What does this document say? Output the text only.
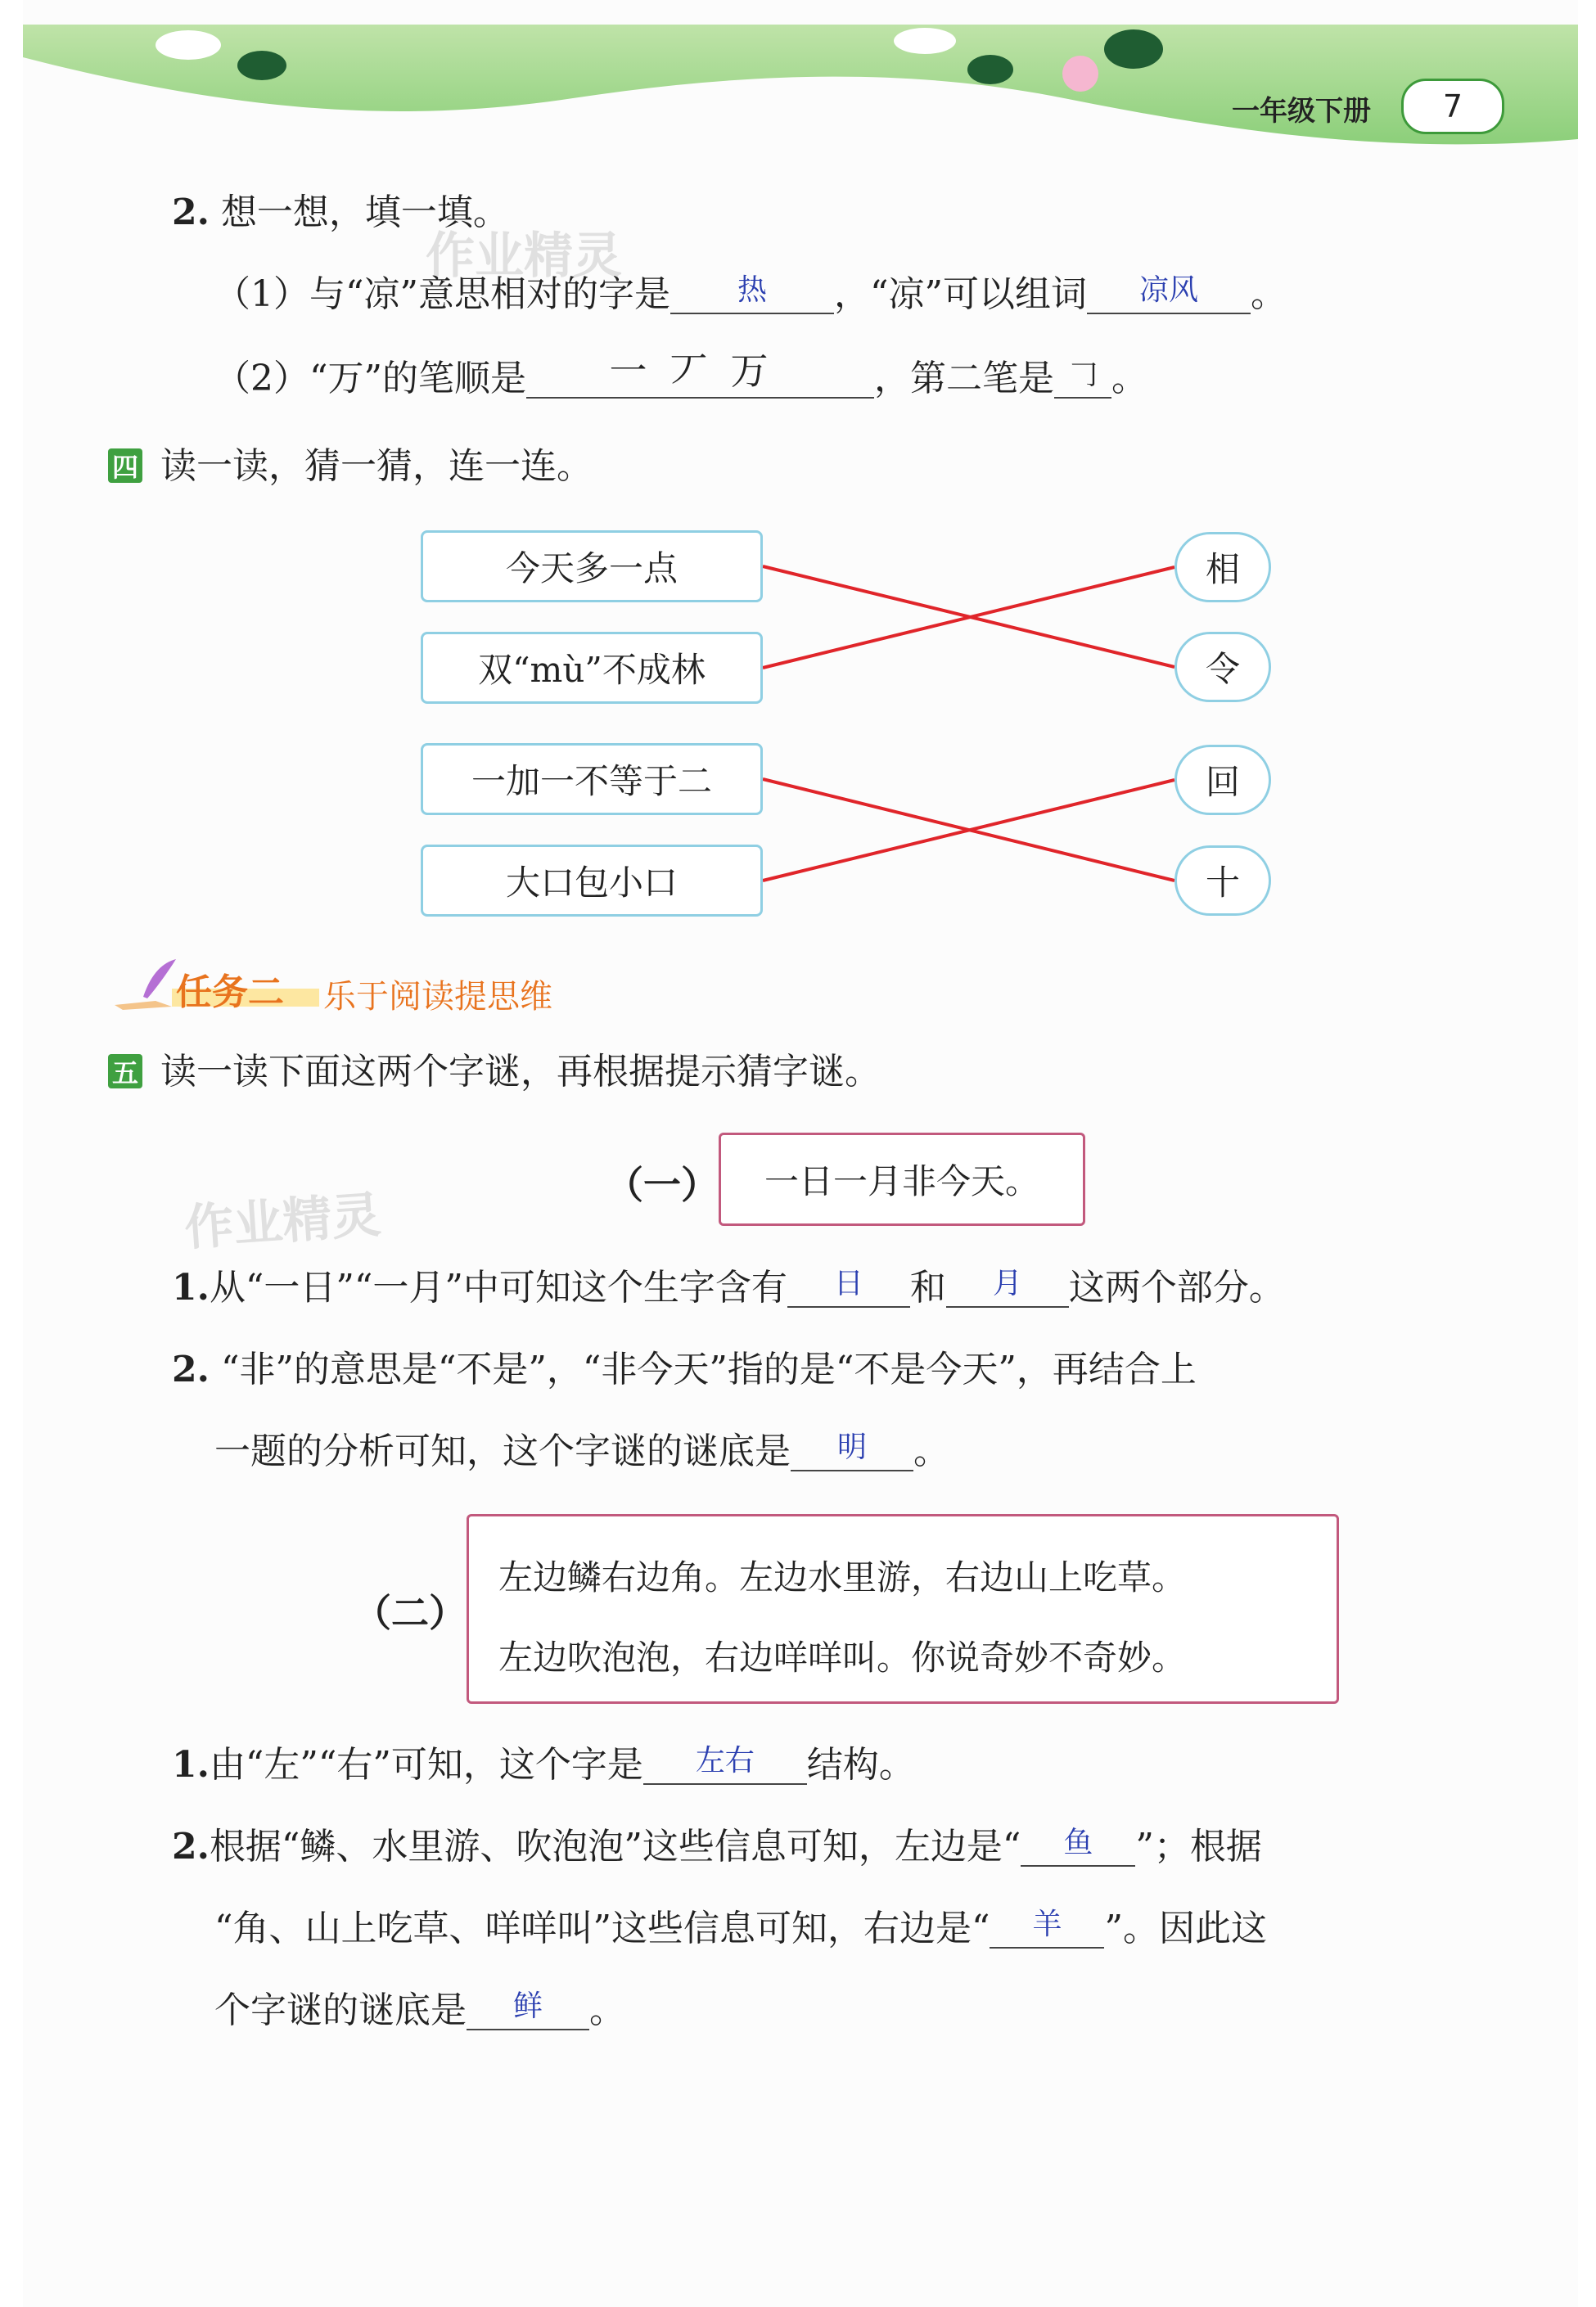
一年级下册	7
作业精灵
作业精灵
2. 想一想，填一填。
（1）与“凉”意思相对的字是 热 ，“凉”可以组词 凉风 。
（2）“万”的笔顺是 一丆万 ，第二笔是 𠃌 。
四 读一读，猜一猜，连一连。
今天多一点
双“mù”不成林
一加一不等于二
大口包小口
相
令
回
十
任务二 乐于阅读提思维
五 读一读下面这两个字谜，再根据提示猜字谜。
（一）	一日一月非今天。
1.从“一日”“一月”中可知这个生字含有 日 和 月 这两个部分。
2. “非”的意思是“不是”，“非今天”指的是“不是今天”，再结合上
一题的分析可知，这个字谜的谜底是 明 。
（二）
左边鳞右边角。左边水里游，右边山上吃草。
左边吹泡泡，右边咩咩叫。你说奇妙不奇妙。
1.由“左”“右”可知，这个字是 左右 结构。
2.根据“鳞、水里游、吹泡泡”这些信息可知，左边是“ 鱼 ”；根据
“角、山上吃草、咩咩叫”这些信息可知，右边是“ 羊 ”。因此这
个字谜的谜底是 鲜 。
